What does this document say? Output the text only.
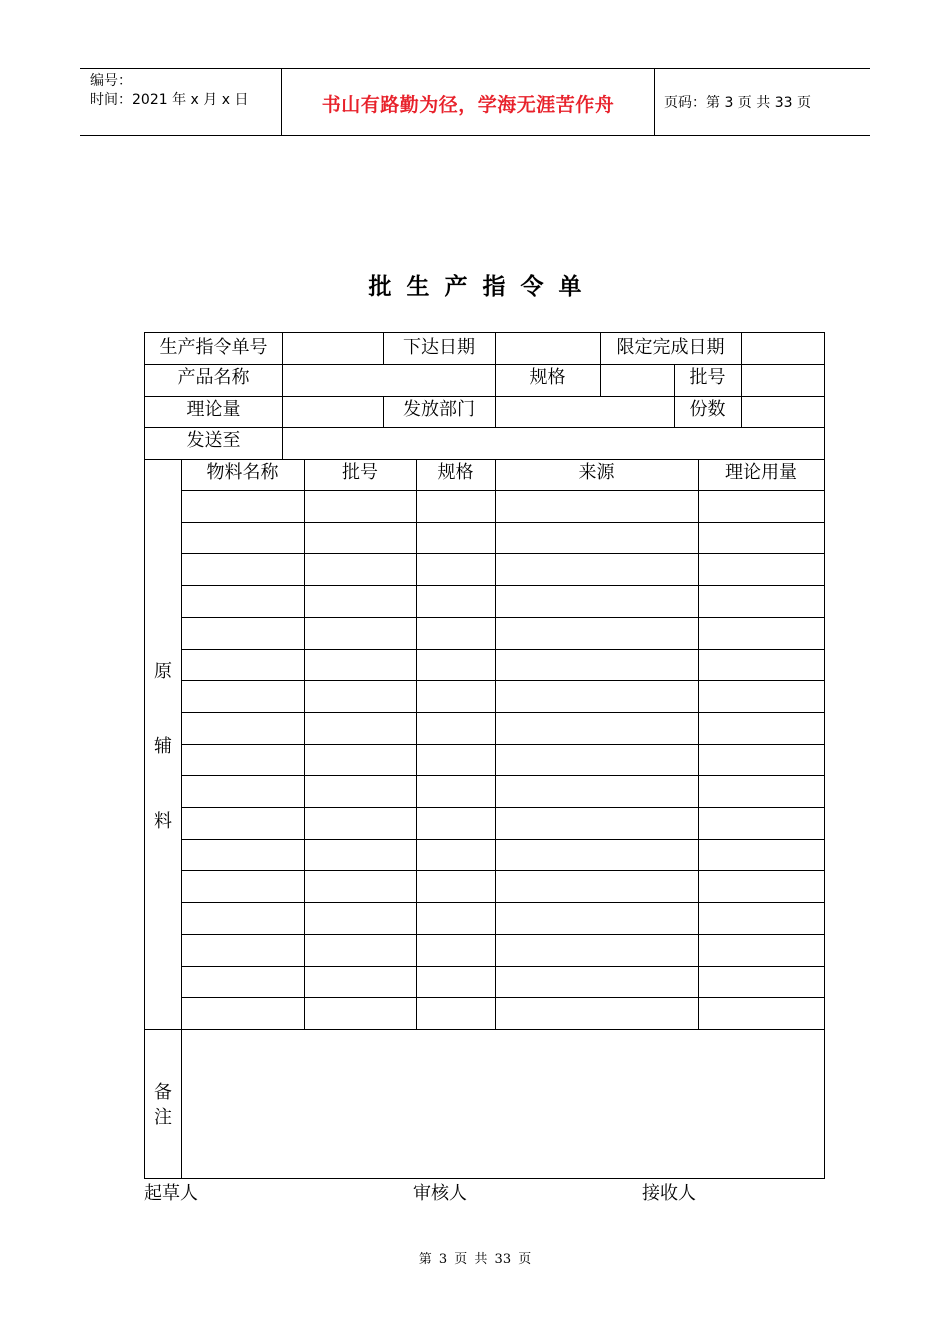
编号：
时间：2021 年 x 月 x 日	书山有路勤为径，学海无涯苦作舟	页码：第 3 页 共 33 页
批生产指令单
生产指令单号	下达日期	限定完成日期
产品名称	规格	批号
理论量	发放部门	份数
发送至
物料名称	批号	规格	来源	理论用量
原
辅
料
备
注
起草人	审核人	接收人
第 3 页 共 33 页
